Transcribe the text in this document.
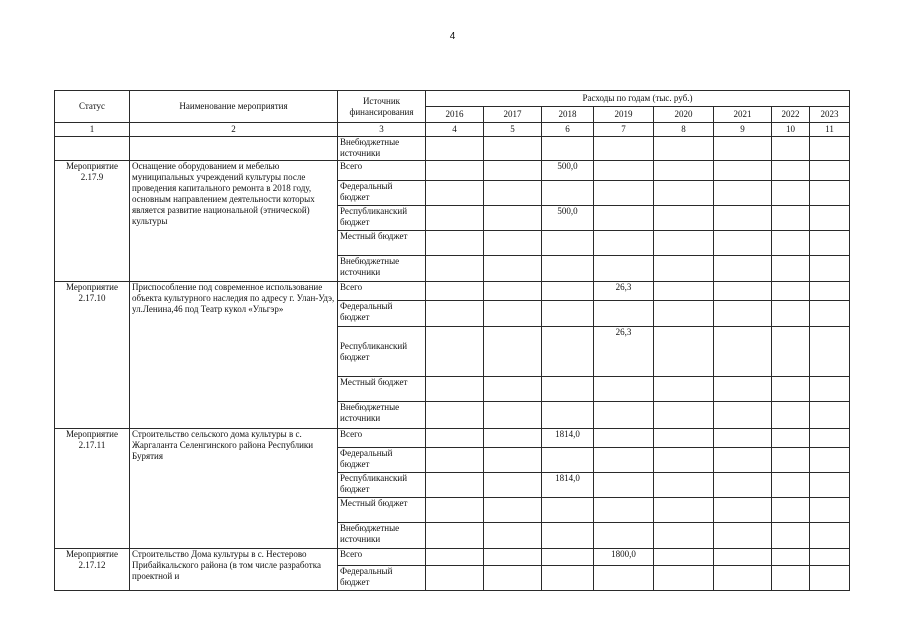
4
Статус	Наименование мероприятия	Источник финансирования	Расходы по годам (тыс. руб.)							
			2016	2017	2018	2019	2020	2021	2022	2023
1	2	3	4	5	6	7	8	9	10	11
		Внебюджетные источники								
Мероприятие 2.17.9	Оснащение оборудованием и мебелью муниципальных учреждений культуры после проведения капитального ремонта в 2018 году, основным направлением деятельности которых является развитие национальной (этнической) культуры	Всего			500,0					
		Федеральный бюджет								
		Республиканский бюджет			500,0					
		Местный бюджет								
		Внебюджетные источники								
Мероприятие 2.17.10	Приспособление под современное использование объекта культурного наследия по адресу г. Улан-Удэ, ул.Ленина,46 под Театр кукол «Ульгэр»	Всего				26,3				
		Федеральный бюджет								
		Республиканский бюджет				26,3				
		Местный бюджет								
		Внебюджетные источники								
Мероприятие 2.17.11	Строительство сельского дома культуры в с. Жаргаланта Селенгинского района Республики Бурятия	Всего			1814,0					
		Федеральный бюджет								
		Республиканский бюджет			1814,0					
		Местный бюджет								
		Внебюджетные источники								
Мероприятие 2.17.12	Строительство Дома культуры в с. Нестерово Прибайкальского района (в том числе разработка проектной и	Всего				1800,0				
		Федеральный бюджет								
